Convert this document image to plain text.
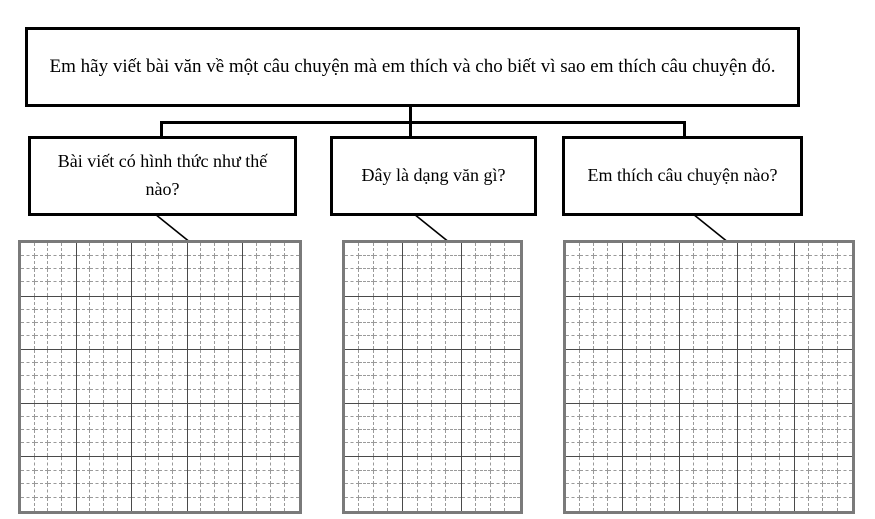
Em hãy viết bài văn về một câu chuyện mà em thích và cho biết vì sao em thích câu chuyện đó.
Bài viết có hình thức như thế nào?
Đây là dạng văn gì?	Em thích câu chuyện nào?
